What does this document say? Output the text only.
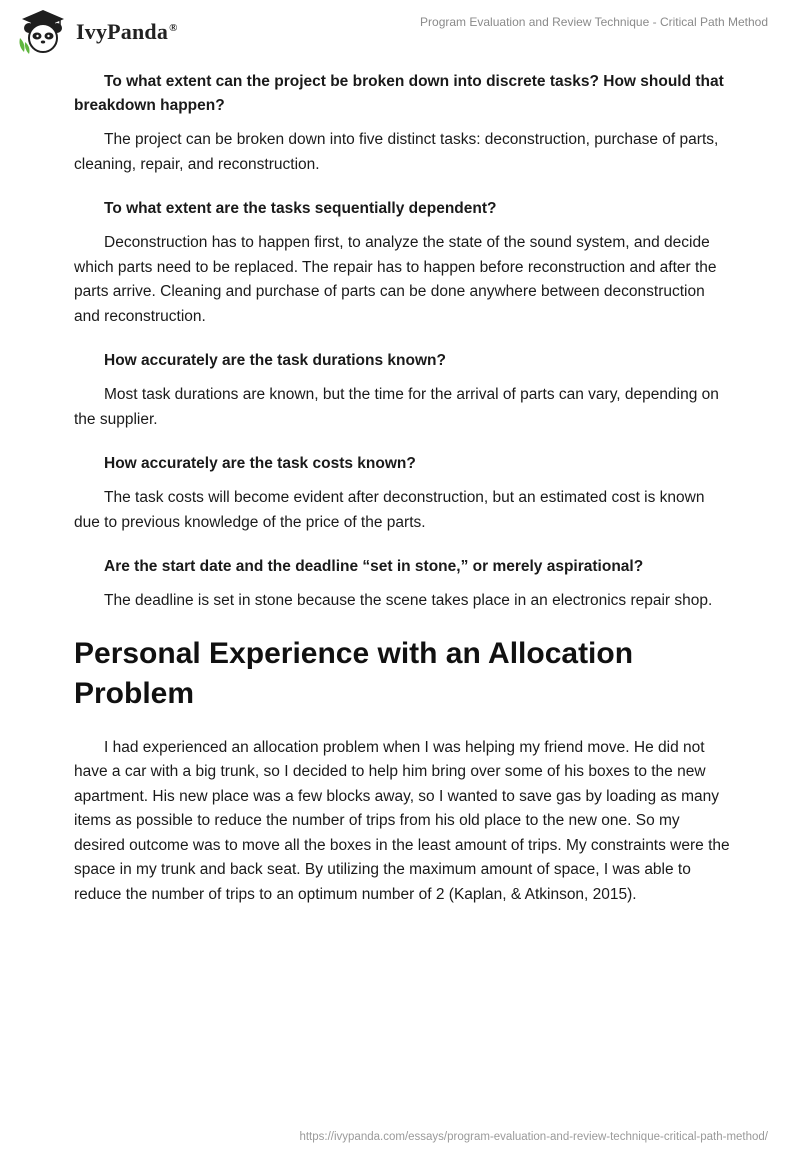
IvyPanda®	Program Evaluation and Review Technique - Critical Path Method
To what extent can the project be broken down into discrete tasks? How should that breakdown happen?
The project can be broken down into five distinct tasks: deconstruction, purchase of parts, cleaning, repair, and reconstruction.
To what extent are the tasks sequentially dependent?
Deconstruction has to happen first, to analyze the state of the sound system, and decide which parts need to be replaced. The repair has to happen before reconstruction and after the parts arrive. Cleaning and purchase of parts can be done anywhere between deconstruction and reconstruction.
How accurately are the task durations known?
Most task durations are known, but the time for the arrival of parts can vary, depending on the supplier.
How accurately are the task costs known?
The task costs will become evident after deconstruction, but an estimated cost is known due to previous knowledge of the price of the parts.
Are the start date and the deadline “set in stone,” or merely aspirational?
The deadline is set in stone because the scene takes place in an electronics repair shop.
Personal Experience with an Allocation Problem
I had experienced an allocation problem when I was helping my friend move. He did not have a car with a big trunk, so I decided to help him bring over some of his boxes to the new apartment. His new place was a few blocks away, so I wanted to save gas by loading as many items as possible to reduce the number of trips from his old place to the new one. So my desired outcome was to move all the boxes in the least amount of trips. My constraints were the space in my trunk and back seat. By utilizing the maximum amount of space, I was able to reduce the number of trips to an optimum number of 2 (Kaplan, & Atkinson, 2015).
https://ivypanda.com/essays/program-evaluation-and-review-technique-critical-path-method/
